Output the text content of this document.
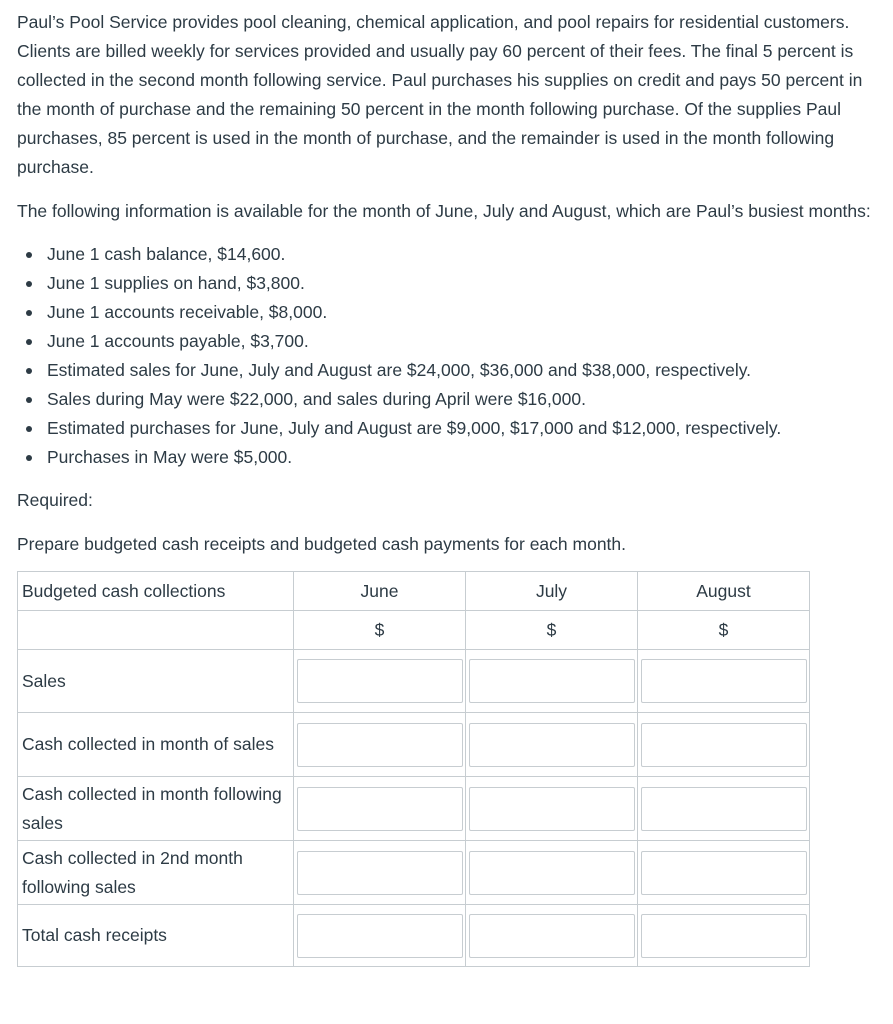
Paul’s Pool Service provides pool cleaning, chemical application, and pool repairs for residential customers. Clients are billed weekly for services provided and usually pay 60 percent of their fees. The final 5 percent is collected in the second month following service. Paul purchases his supplies on credit and pays 50 percent in the month of purchase and the remaining 50 percent in the month following purchase. Of the supplies Paul purchases, 85 percent is used in the month of purchase, and the remainder is used in the month following purchase.

The following information is available for the month of June, July and August, which are Paul’s busiest months:

June 1 cash balance, $14,600.
June 1 supplies on hand, $3,800.
June 1 accounts receivable, $8,000.
June 1 accounts payable, $3,700.
Estimated sales for June, July and August are $24,000, $36,000 and $38,000, respectively.
Sales during May were $22,000, and sales during April were $16,000.
Estimated purchases for June, July and August are $9,000, $17,000 and $12,000, respectively.
Purchases in May were $5,000.

Required:

Prepare budgeted cash receipts and budgeted cash payments for each month.

Budgeted cash collections	June	July	August

	$	$	$

Sales

Cash collected in month of sales

Cash collected in month following sales

Cash collected in 2nd month following sales

Total cash receipts
